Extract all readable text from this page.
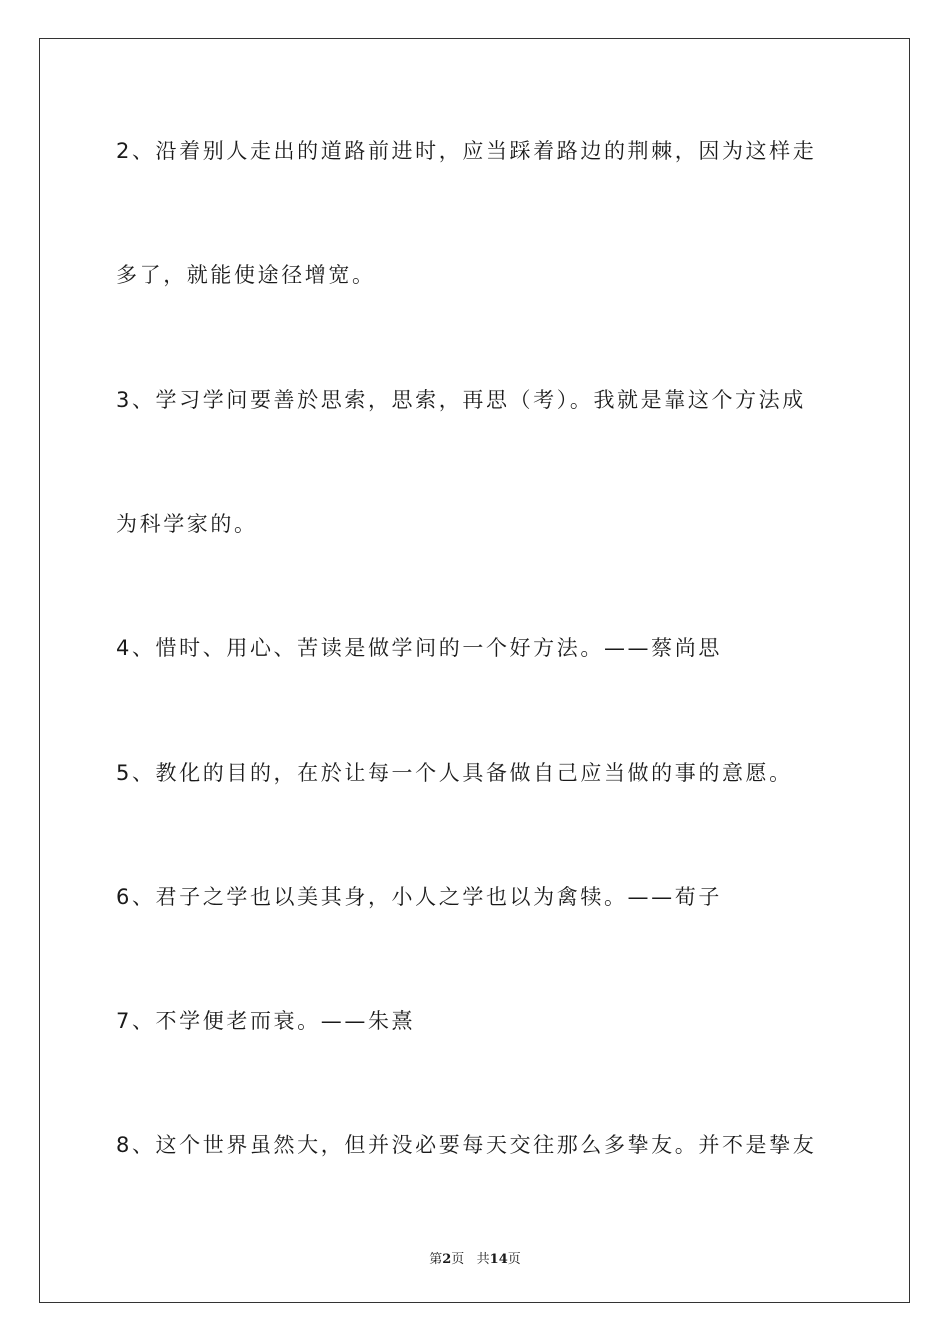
2、沿着别人走出的道路前进时，应当踩着路边的荆棘，因为这样走
多了，就能使途径增宽。
3、学习学问要善於思索，思索，再思（考）。我就是靠这个方法成
为科学家的。
4、惜时、用心、苦读是做学问的一个好方法。——蔡尚思
5、教化的目的，在於让每一个人具备做自己应当做的事的意愿。
6、君子之学也以美其身，小人之学也以为禽犊。——荀子
7、不学便老而衰。——朱熹
8、这个世界虽然大，但并没必要每天交往那么多挚友。并不是挚友
第2页   共14页
